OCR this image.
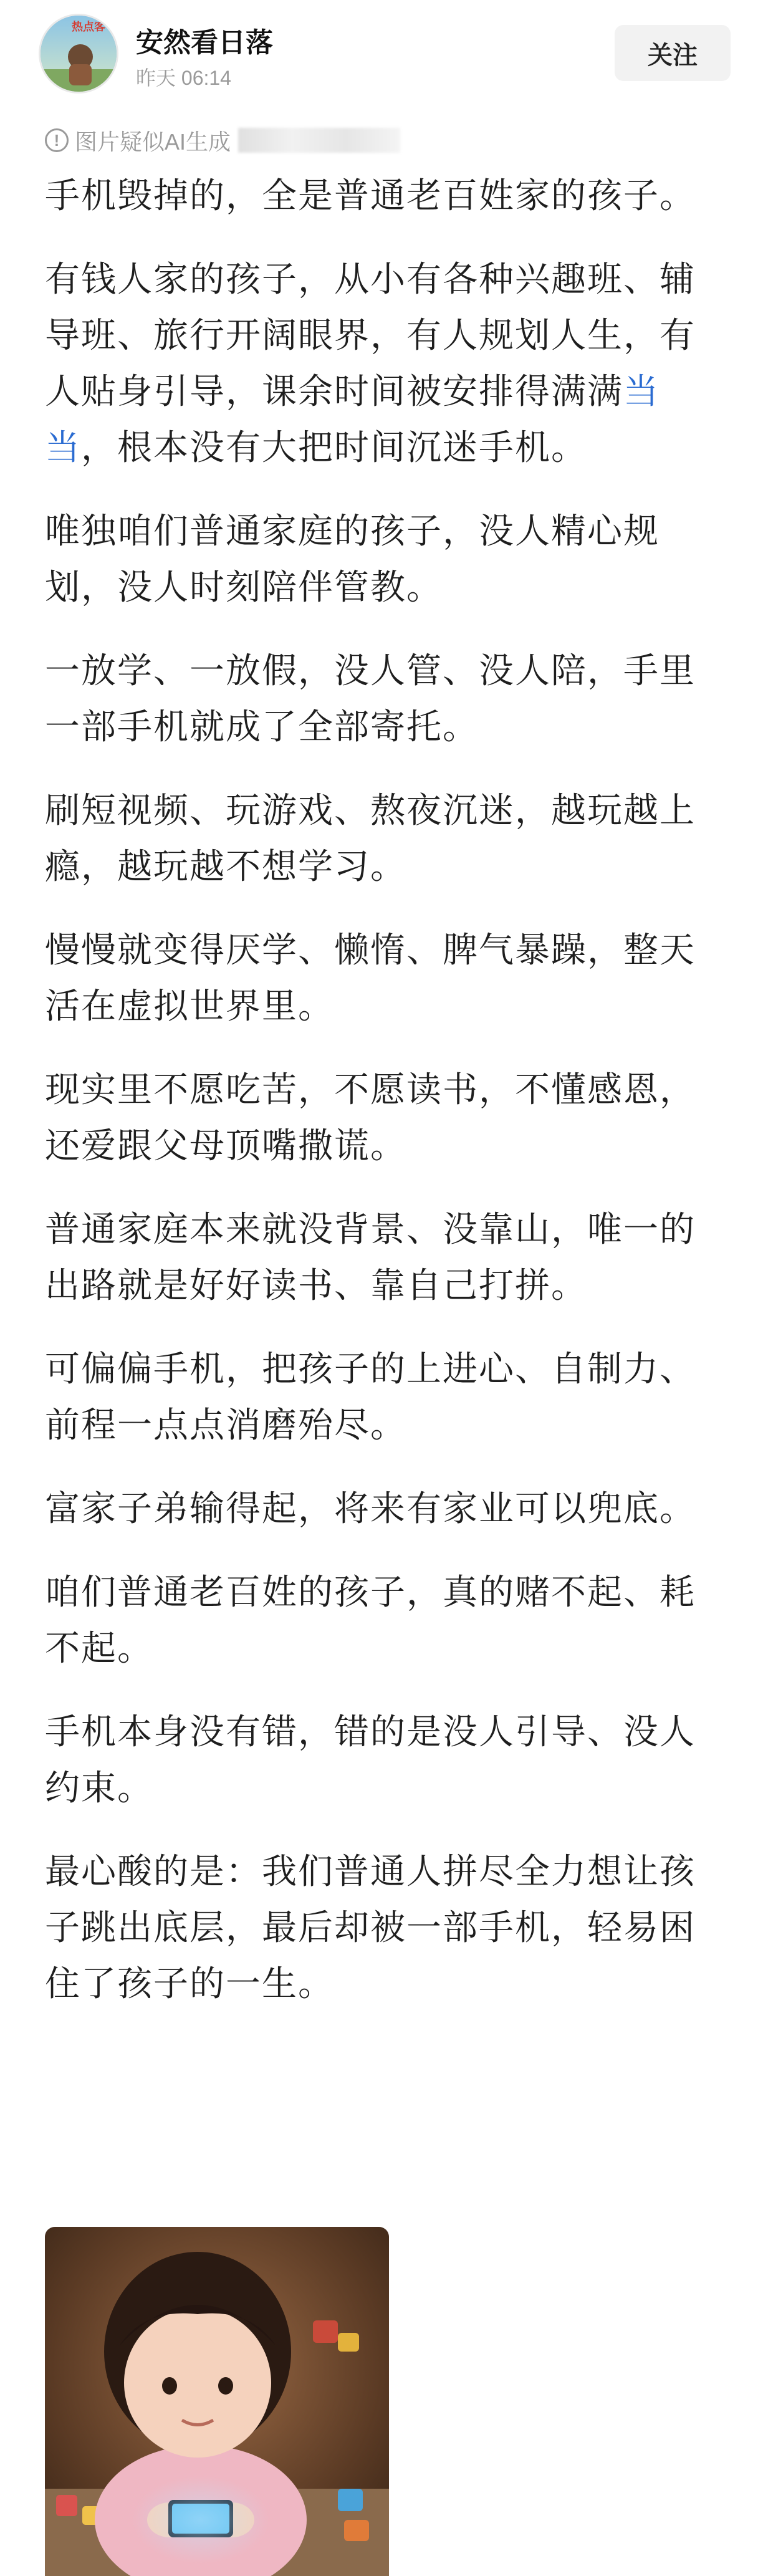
热点客
安然看日落
昨天 06:14
关注
! 图片疑似AI生成

手机毁掉的，全是普通老百姓家的孩子。

有钱人家的孩子，从小有各种兴趣班、辅导班、旅行开阔眼界，有人规划人生，有人贴身引导，课余时间被安排得满满当当，根本没有大把时间沉迷手机。

唯独咱们普通家庭的孩子，没人精心规划，没人时刻陪伴管教。

一放学、一放假，没人管、没人陪，手里一部手机就成了全部寄托。

刷短视频、玩游戏、熬夜沉迷，越玩越上瘾，越玩越不想学习。

慢慢就变得厌学、懒惰、脾气暴躁，整天活在虚拟世界里。

现实里不愿吃苦，不愿读书，不懂感恩，还爱跟父母顶嘴撒谎。

普通家庭本来就没背景、没靠山，唯一的出路就是好好读书、靠自己打拼。

可偏偏手机，把孩子的上进心、自制力、前程一点点消磨殆尽。

富家子弟输得起，将来有家业可以兜底。

咱们普通老百姓的孩子，真的赌不起、耗不起。

手机本身没有错，错的是没人引导、没人约束。

最心酸的是：我们普通人拼尽全力想让孩子跳出底层，最后却被一部手机，轻易困住了孩子的一生。
